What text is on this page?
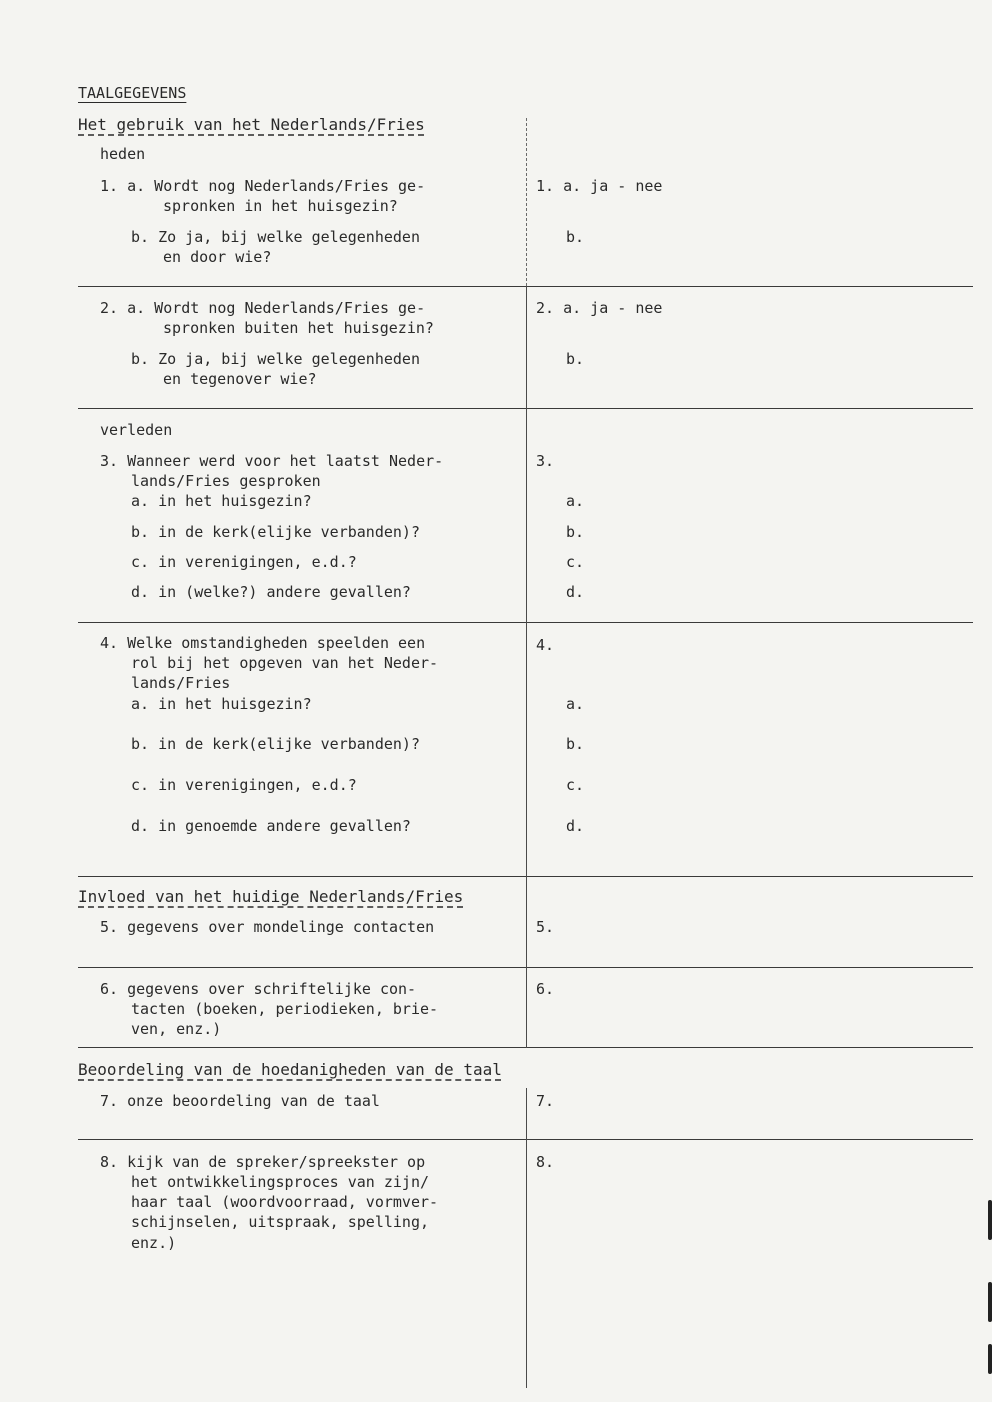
TAALGEGEVENS
Het gebruik van het Nederlands/Fries
heden
1. a. Wordt nog Nederlands/Fries ge-
spronken in het huisgezin?
b. Zo ja, bij welke gelegenheden
en door wie?
1. a. ja - nee
b.
2. a. Wordt nog Nederlands/Fries ge-
spronken buiten het huisgezin?
b. Zo ja, bij welke gelegenheden
en tegenover wie?
2. a. ja - nee
b.
verleden
3. Wanneer werd voor het laatst Neder-
lands/Fries gesproken
a. in het huisgezin?
b. in de kerk(elijke verbanden)?
c. in verenigingen, e.d.?
d. in (welke?) andere gevallen?
3.
a.
b.
c.
d.
4. Welke omstandigheden speelden een
rol bij het opgeven van het Neder-
lands/Fries
a. in het huisgezin?
b. in de kerk(elijke verbanden)?
c. in verenigingen, e.d.?
d. in genoemde andere gevallen?
4.
a.
b.
c.
d.
Invloed van het huidige Nederlands/Fries
5. gegevens over mondelinge contacten	5.
6. gegevens over schriftelijke con-
tacten (boeken, periodieken, brie-
ven, enz.)
6.
Beoordeling van de hoedanigheden van de taal
7. onze beoordeling van de taal	7.
8. kijk van de spreker/spreekster op
het ontwikkelingsproces van zijn/
haar taal (woordvoorraad, vormver-
schijnselen, uitspraak, spelling,
enz.)
8.
